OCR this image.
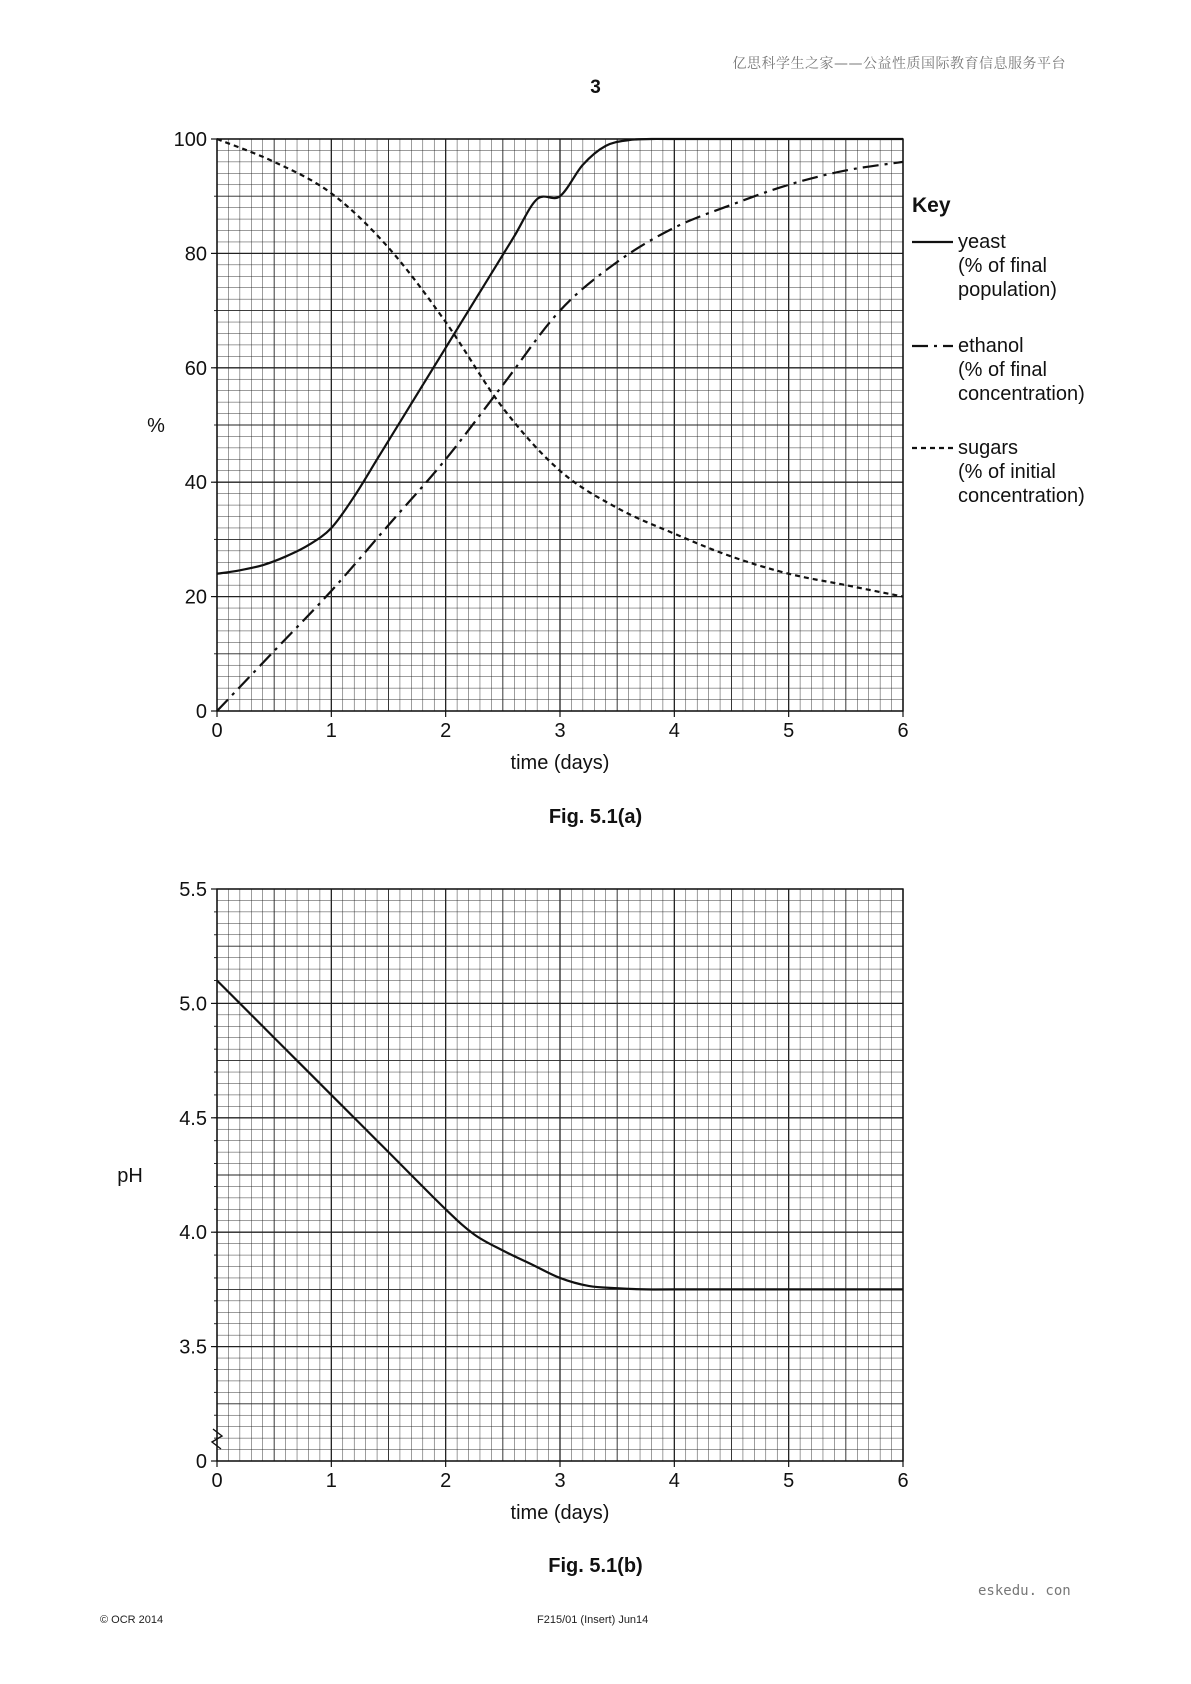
亿思科学生之家——公益性质国际教育信息服务平台
3
0	1	2	3	4	5	6
0
20
40
60
80
100
time (days)
%
Key
yeast
(% of final
population)
ethanol
(% of final
concentration)
sugars
(% of initial
concentration)
Fig. 5.1(a)
0	1	2	3	4	5	6
0
3.5
4.0
4.5
5.0
5.5
time (days)
pH
Fig. 5.1(b)
© OCR 2014	F215/01 (Insert) Jun14
eskedu. con
